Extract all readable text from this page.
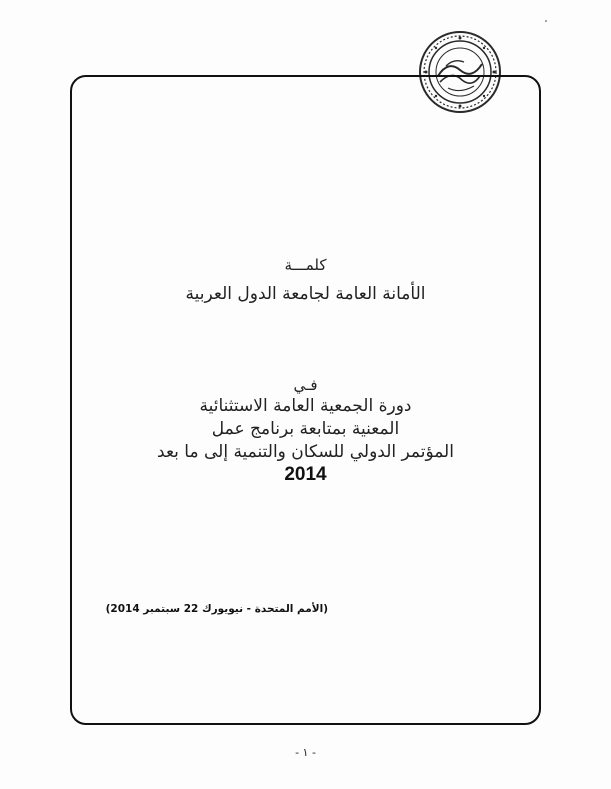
كلمـــة
الأمانة العامة لجامعة الدول العربية
فـي
دورة الجمعية العامة الاستثنائية
المعنية بمتابعة برنامج عمل
المؤتمر الدولي للسكان والتنمية إلى ما بعد
2014
(الأمم المتحدة - نيويورك 22 سبتمبر 2014)
- ١ -
